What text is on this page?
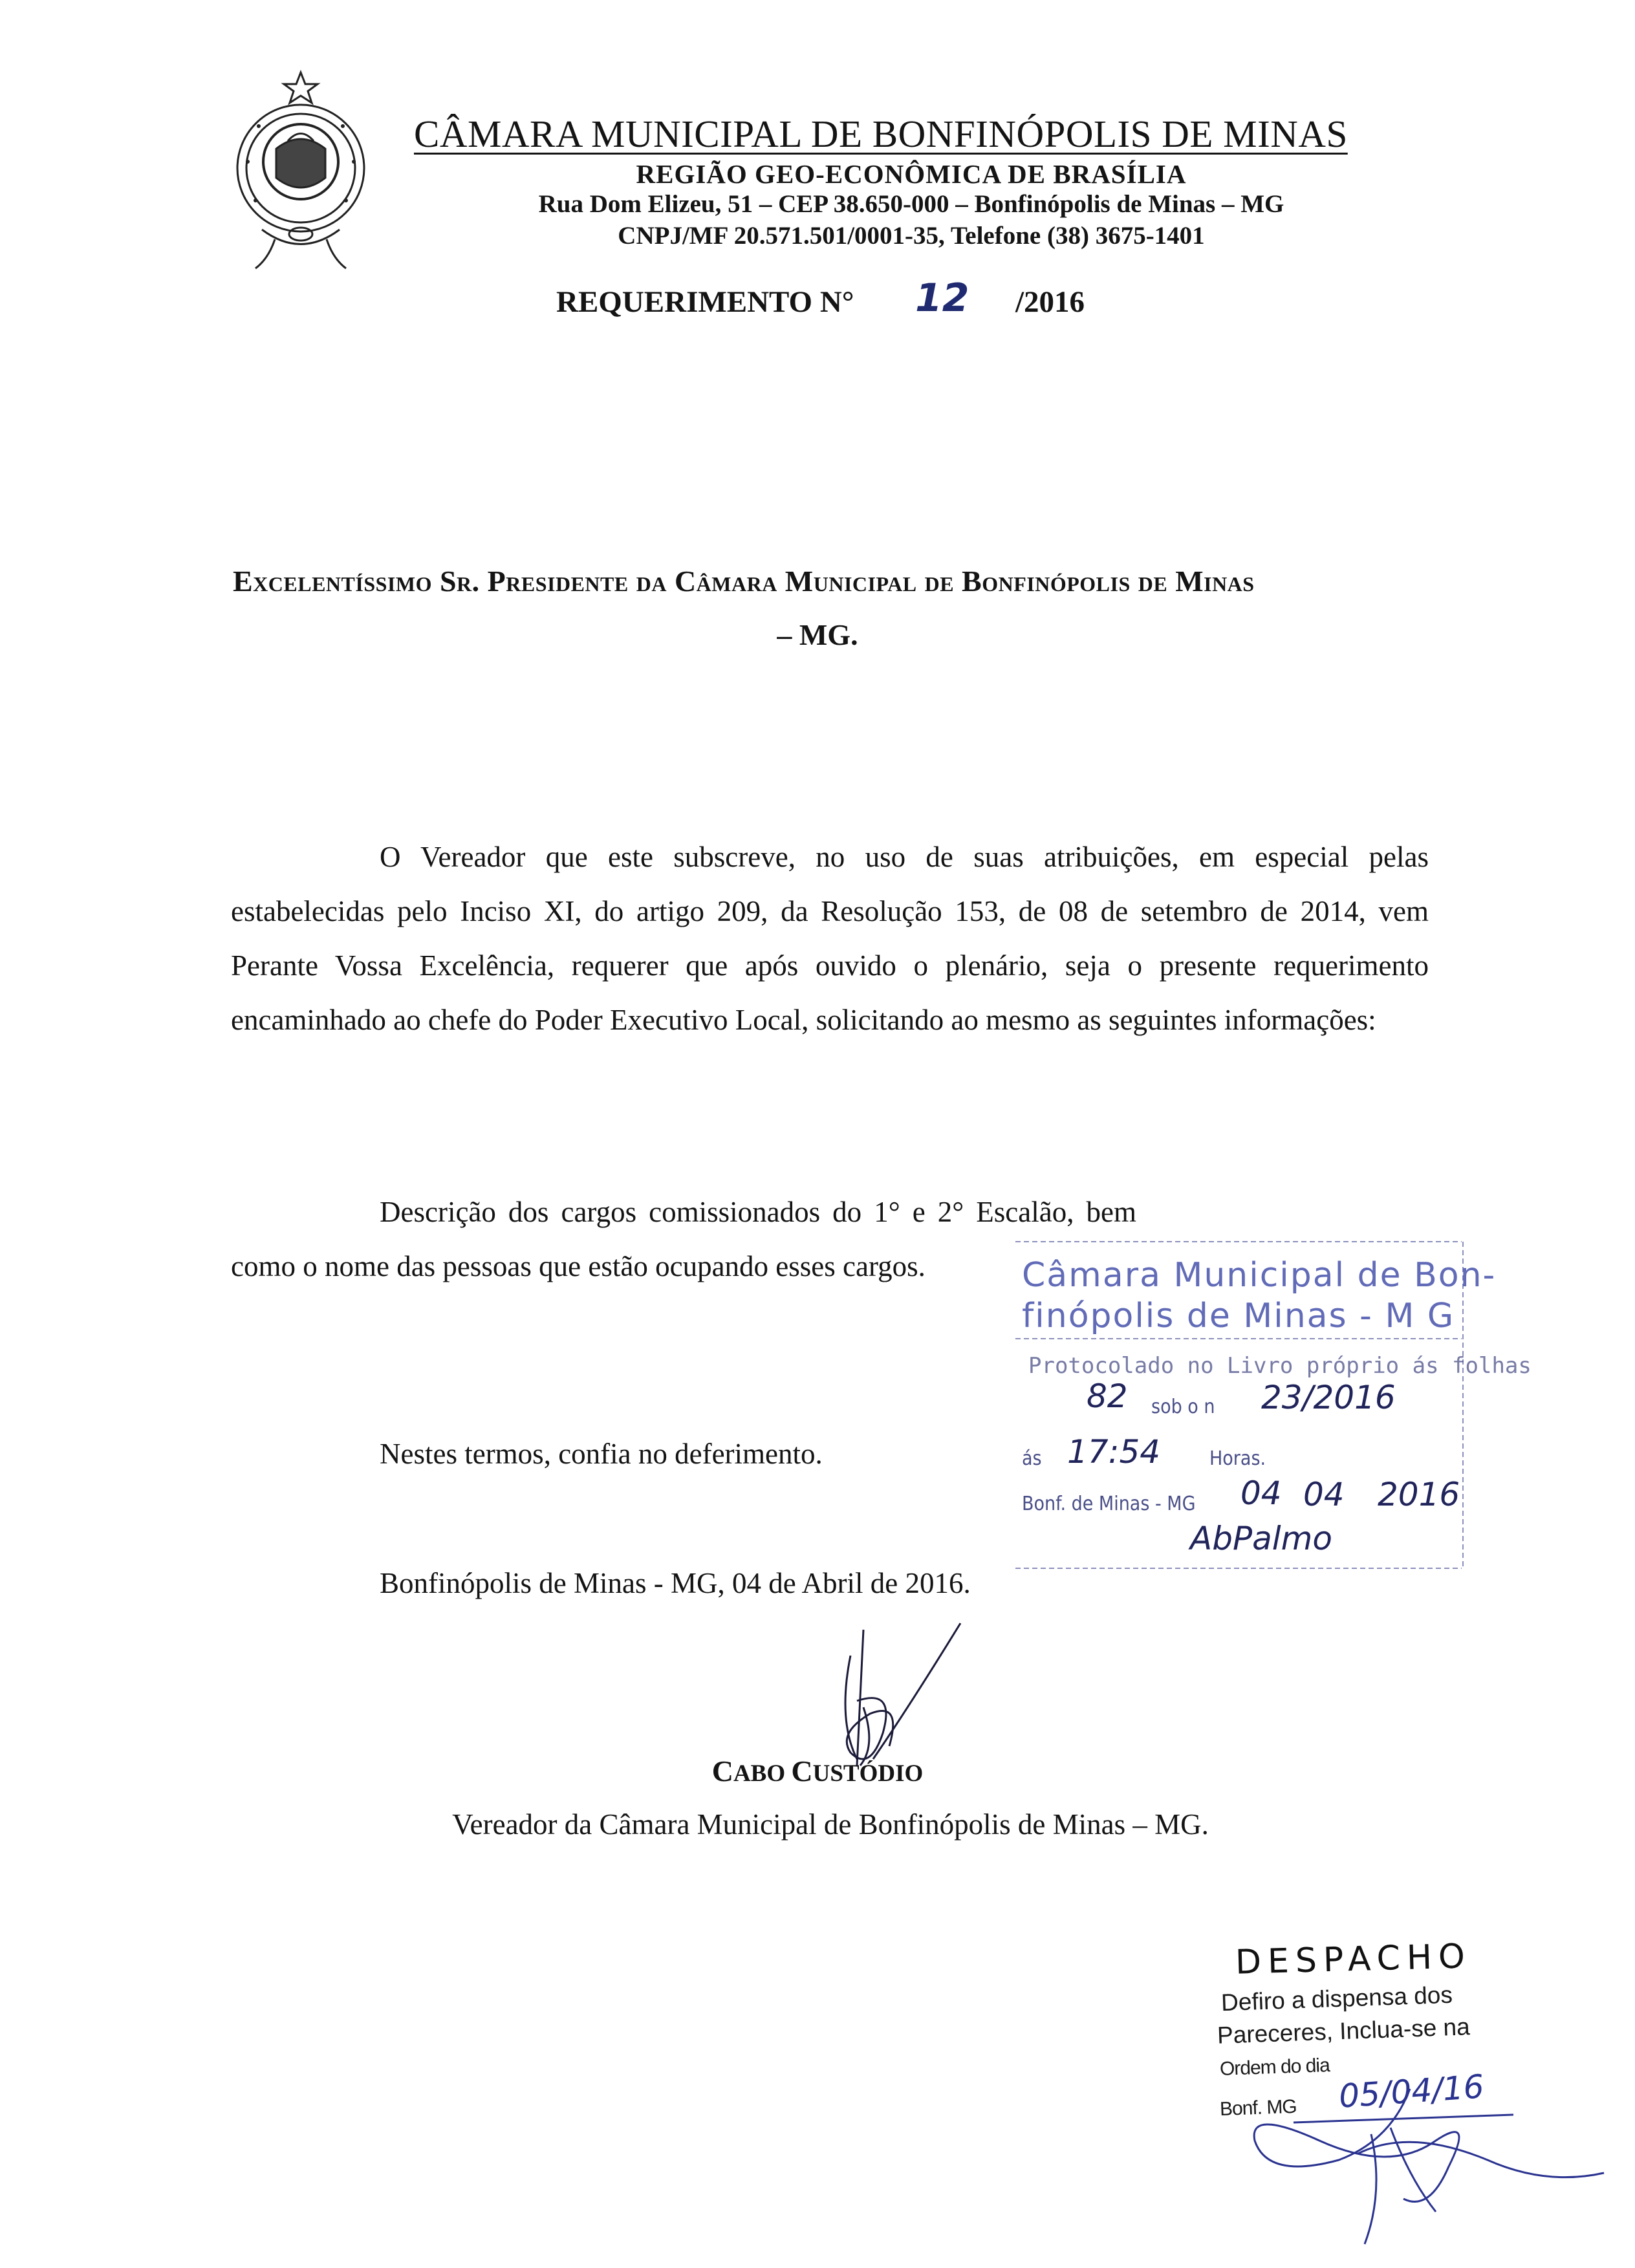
CÂMARA MUNICIPAL DE BONFINÓPOLIS DE MINAS
REGIÃO GEO-ECONÔMICA DE BRASÍLIA
Rua Dom Elizeu, 51 – CEP 38.650-000 – Bonfinópolis de Minas – MG
CNPJ/MF 20.571.501/0001-35, Telefone (38) 3675-1401
REQUERIMENTO N° 12 /2016
Excelentíssimo Sr. Presidente da Câmara Municipal de Bonfinópolis de Minas
– MG.
O Vereador que este subscreve, no uso de suas atribuições, em especial pelas estabelecidas pelo Inciso XI, do artigo 209, da Resolução 153, de 08 de setembro de 2014, vem Perante Vossa Excelência, requerer que após ouvido o plenário, seja o presente requerimento encaminhado ao chefe do Poder Executivo Local, solicitando ao mesmo as seguintes informações:
Descrição dos cargos comissionados do 1° e 2° Escalão, bem como o nome das pessoas que estão ocupando esses cargos.
Nestes termos, confia no deferimento.
Bonfinópolis de Minas - MG, 04 de Abril de 2016.
CABO CUSTÓDIO
Vereador da Câmara Municipal de Bonfinópolis de Minas – MG.
Câmara Municipal de Bon-
finópolis de Minas - M G
Protocolado no Livro próprio ás folhas
82 sob o n 23/2016
ás 17:54	Horas.
Bonf. de Minas - MG 04 04 2016
AbPalmo
DESPACHO
Defiro a dispensa dos
Pareceres, Inclua-se na
Ordem do dia
Bonf. MG 05/04/16
